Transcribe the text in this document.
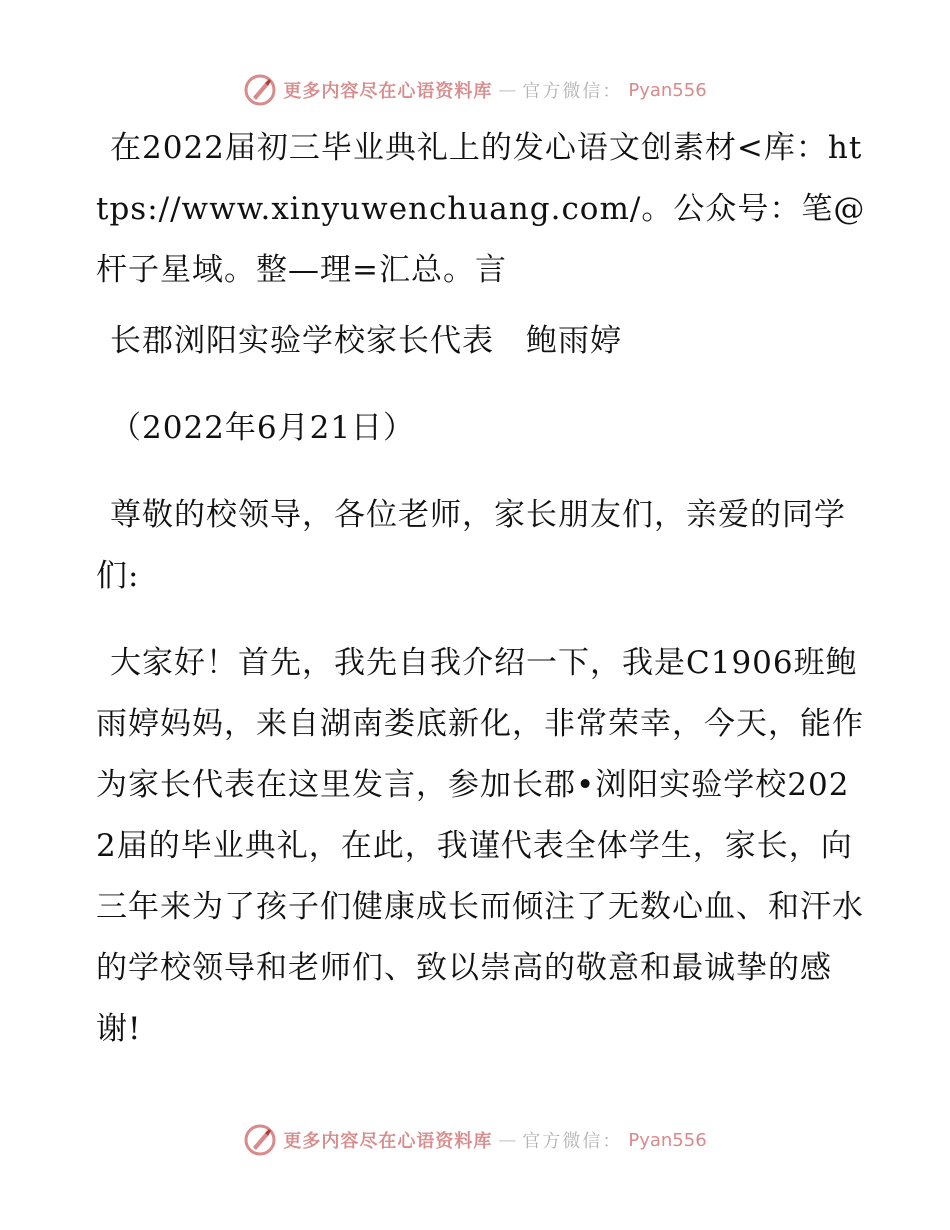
更多内容尽在心语资料库 — 官方微信： Pyan556

在2022届初三毕业典礼上的发心语文创素材<库：https://www.xinyuwenchuang.com/。公众号：笔@杆子星域。整—理=汇总。言

长郡浏阳实验学校家长代表　鲍雨婷

（2022年6月21日）

尊敬的校领导，各位老师，家长朋友们，亲爱的同学们:

大家好！首先，我先自我介绍一下，我是C1906班鲍雨婷妈妈，来自湖南娄底新化，非常荣幸，今天，能作为家长代表在这里发言，参加长郡•浏阳实验学校2022届的毕业典礼，在此，我谨代表全体学生，家长，向三年来为了孩子们健康成长而倾注了无数心血、和汗水的学校领导和老师们、致以崇高的敬意和最诚挚的感谢!

更多内容尽在心语资料库 — 官方微信： Pyan556
